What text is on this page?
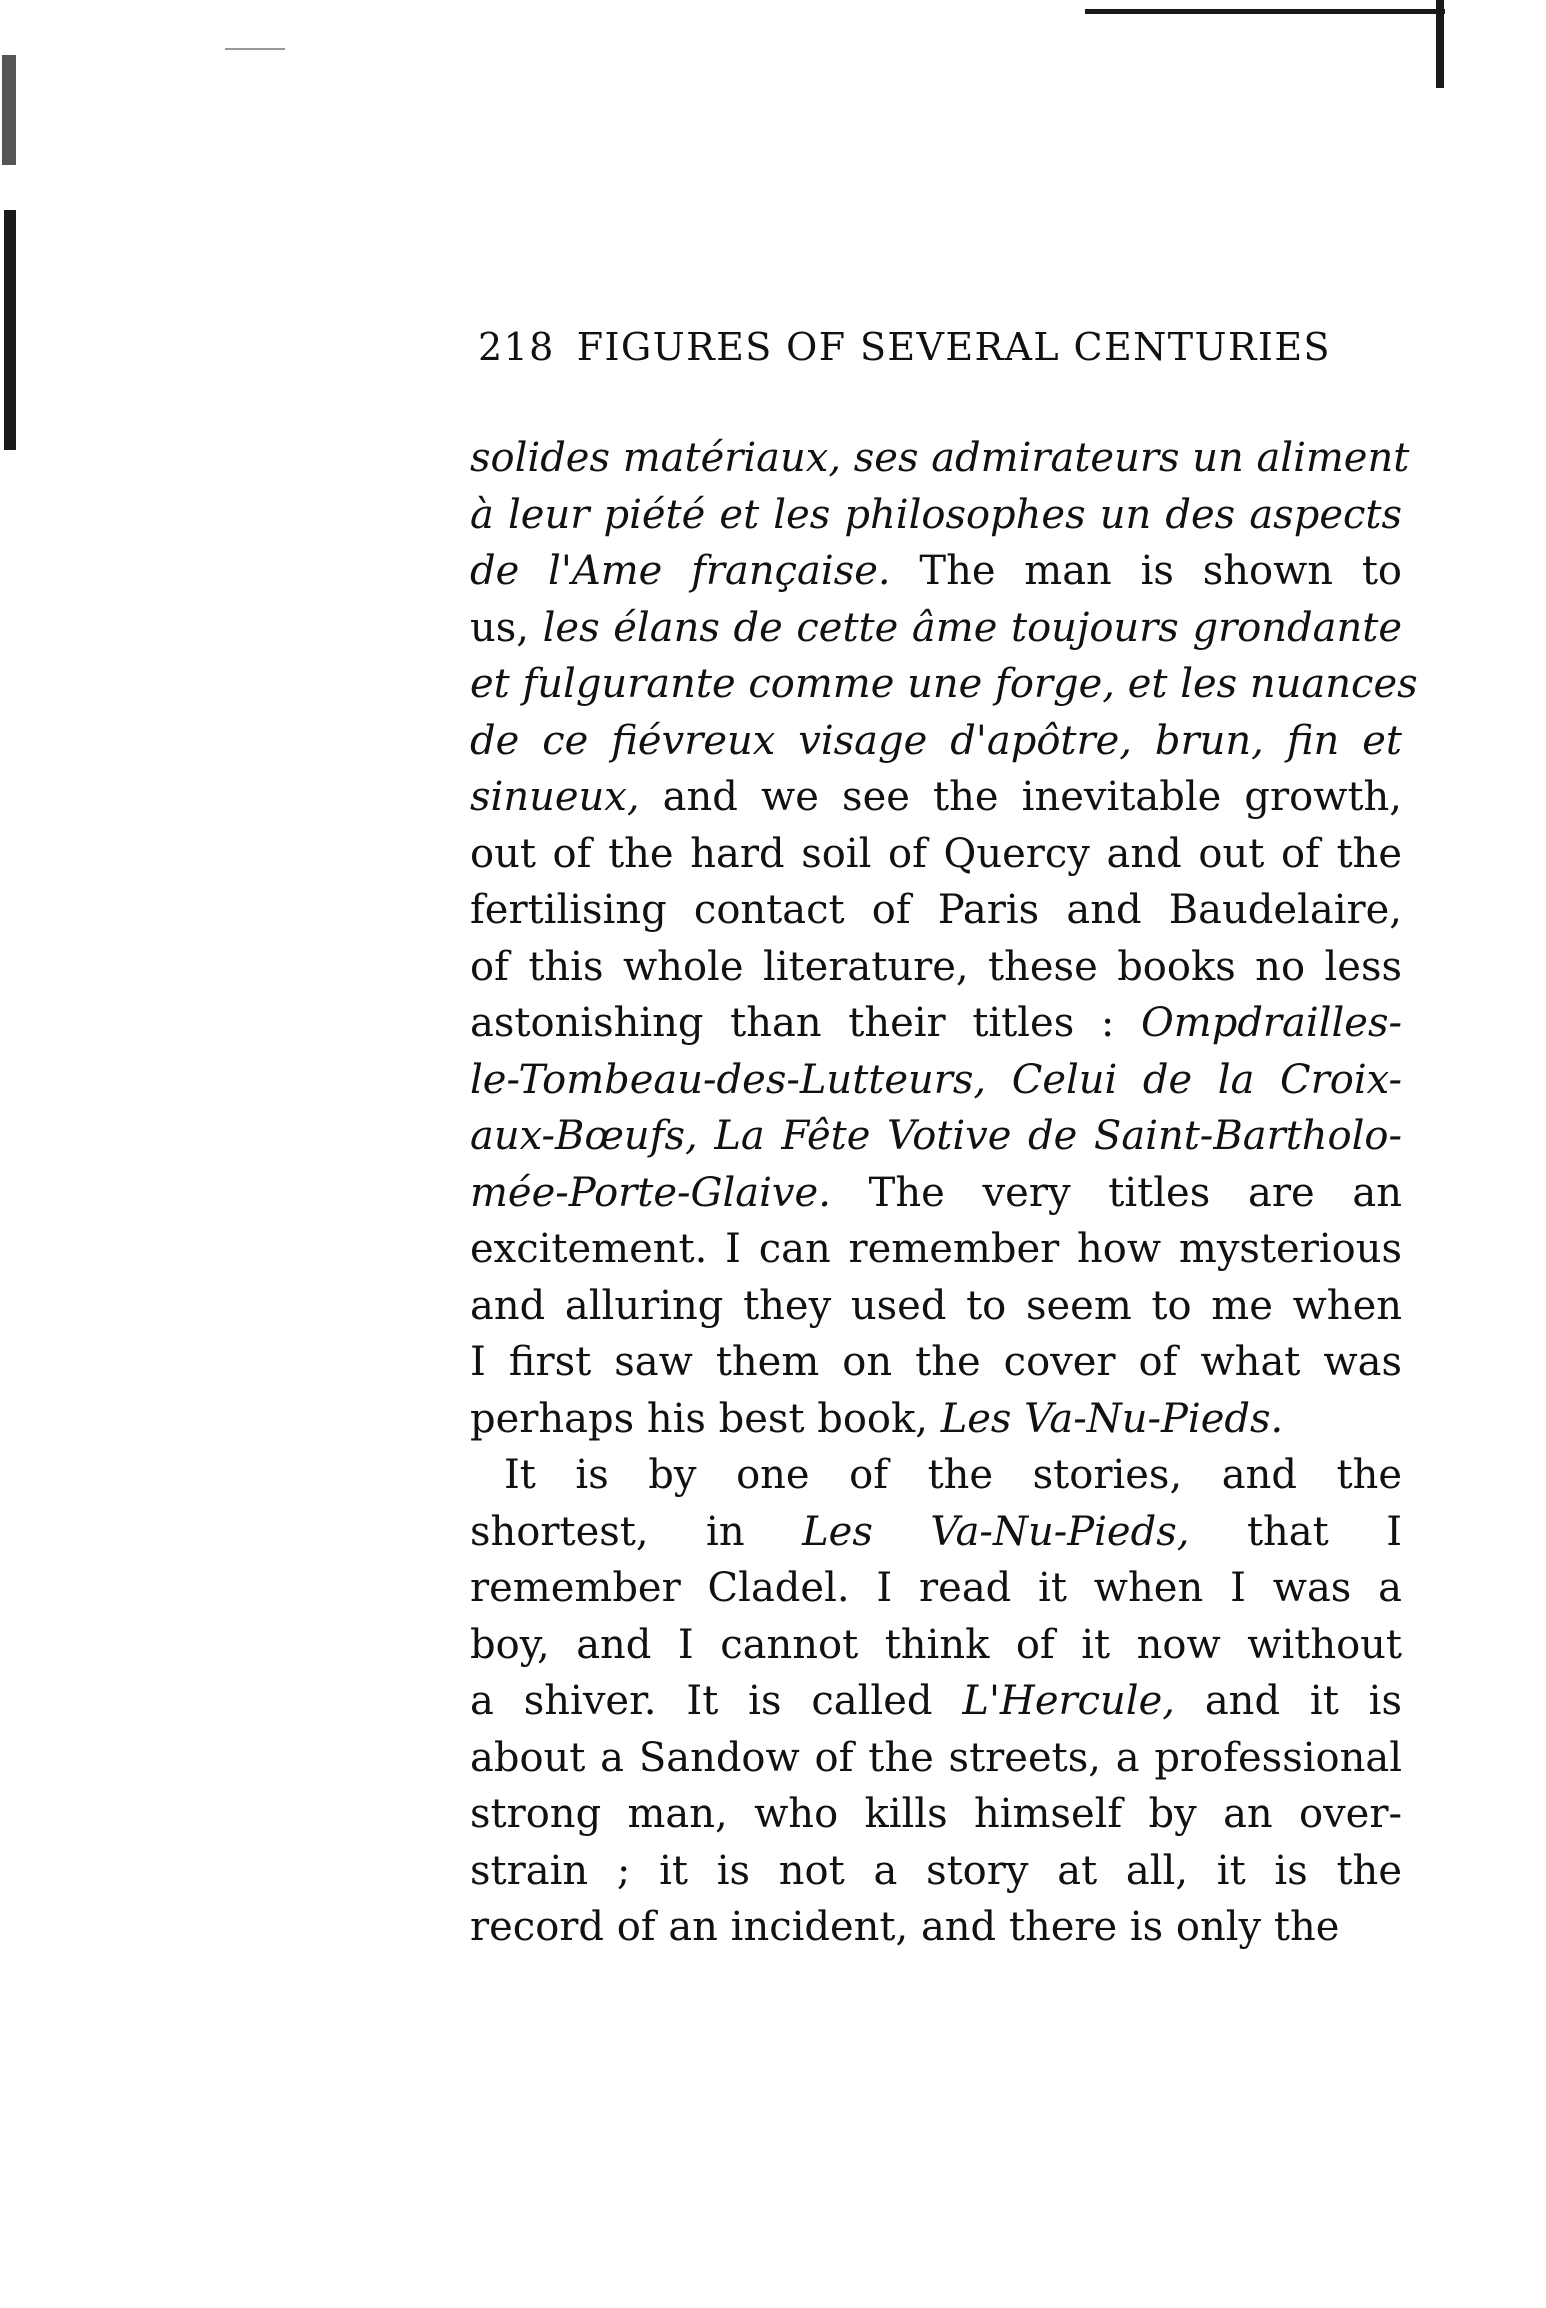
218 FIGURES OF SEVERAL CENTURIES
solides matériaux, ses admirateurs un aliment
à leur piété et les philosophes un des aspects
de l'Ame française. The man is shown to
us, les élans de cette âme toujours grondante
et fulgurante comme une forge, et les nuances
de ce fiévreux visage d'apôtre, brun, fin et
sinueux, and we see the inevitable growth,
out of the hard soil of Quercy and out of the
fertilising contact of Paris and Baudelaire,
of this whole literature, these books no less
astonishing than their titles : Ompdrailles-
le-Tombeau-des-Lutteurs, Celui de la Croix-
aux-Bœufs, La Fête Votive de Saint-Bartholo-
mée-Porte-Glaive. The very titles are an
excitement. I can remember how mysterious
and alluring they used to seem to me when
I first saw them on the cover of what was
perhaps his best book, Les Va-Nu-Pieds.
It is by one of the stories, and the
shortest, in Les Va-Nu-Pieds, that I
remember Cladel. I read it when I was a
boy, and I cannot think of it now without
a shiver. It is called L'Hercule, and it is
about a Sandow of the streets, a professional
strong man, who kills himself by an over-
strain ; it is not a story at all, it is the
record of an incident, and there is only the
